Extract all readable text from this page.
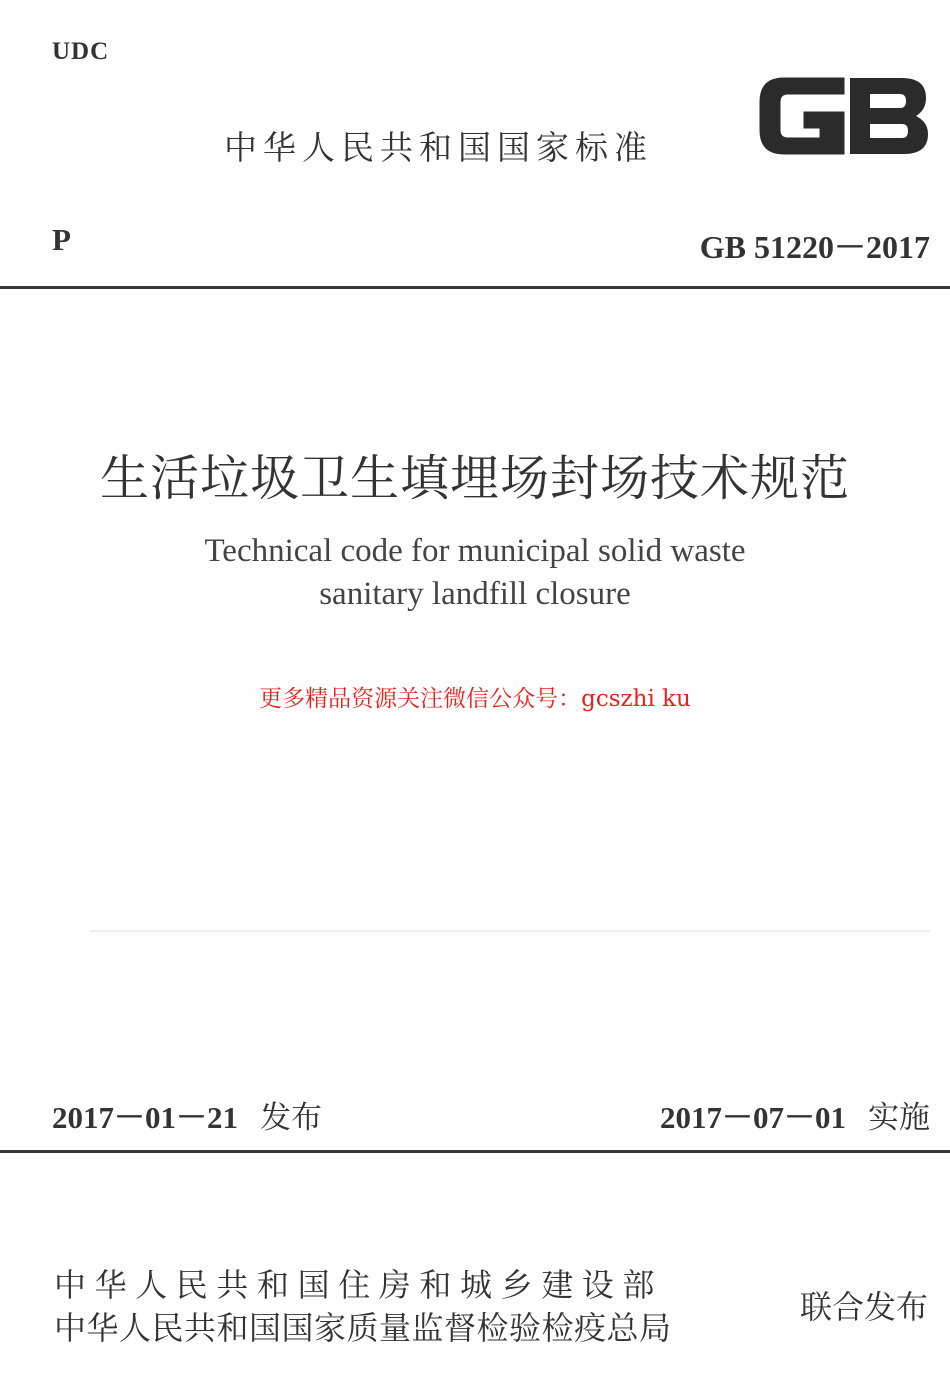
UDC
中华人民共和国国家标准
GB
P	GB 51220－2017
生活垃圾卫生填埋场封场技术规范
Technical code for municipal solid waste
sanitary landfill closure
更多精品资源关注微信公众号：gcszhi ku
2017－01－21 发布	2017－07－01 实施
中华人民共和国住房和城乡建设部
中华人民共和国国家质量监督检验检疫总局
联合发布
